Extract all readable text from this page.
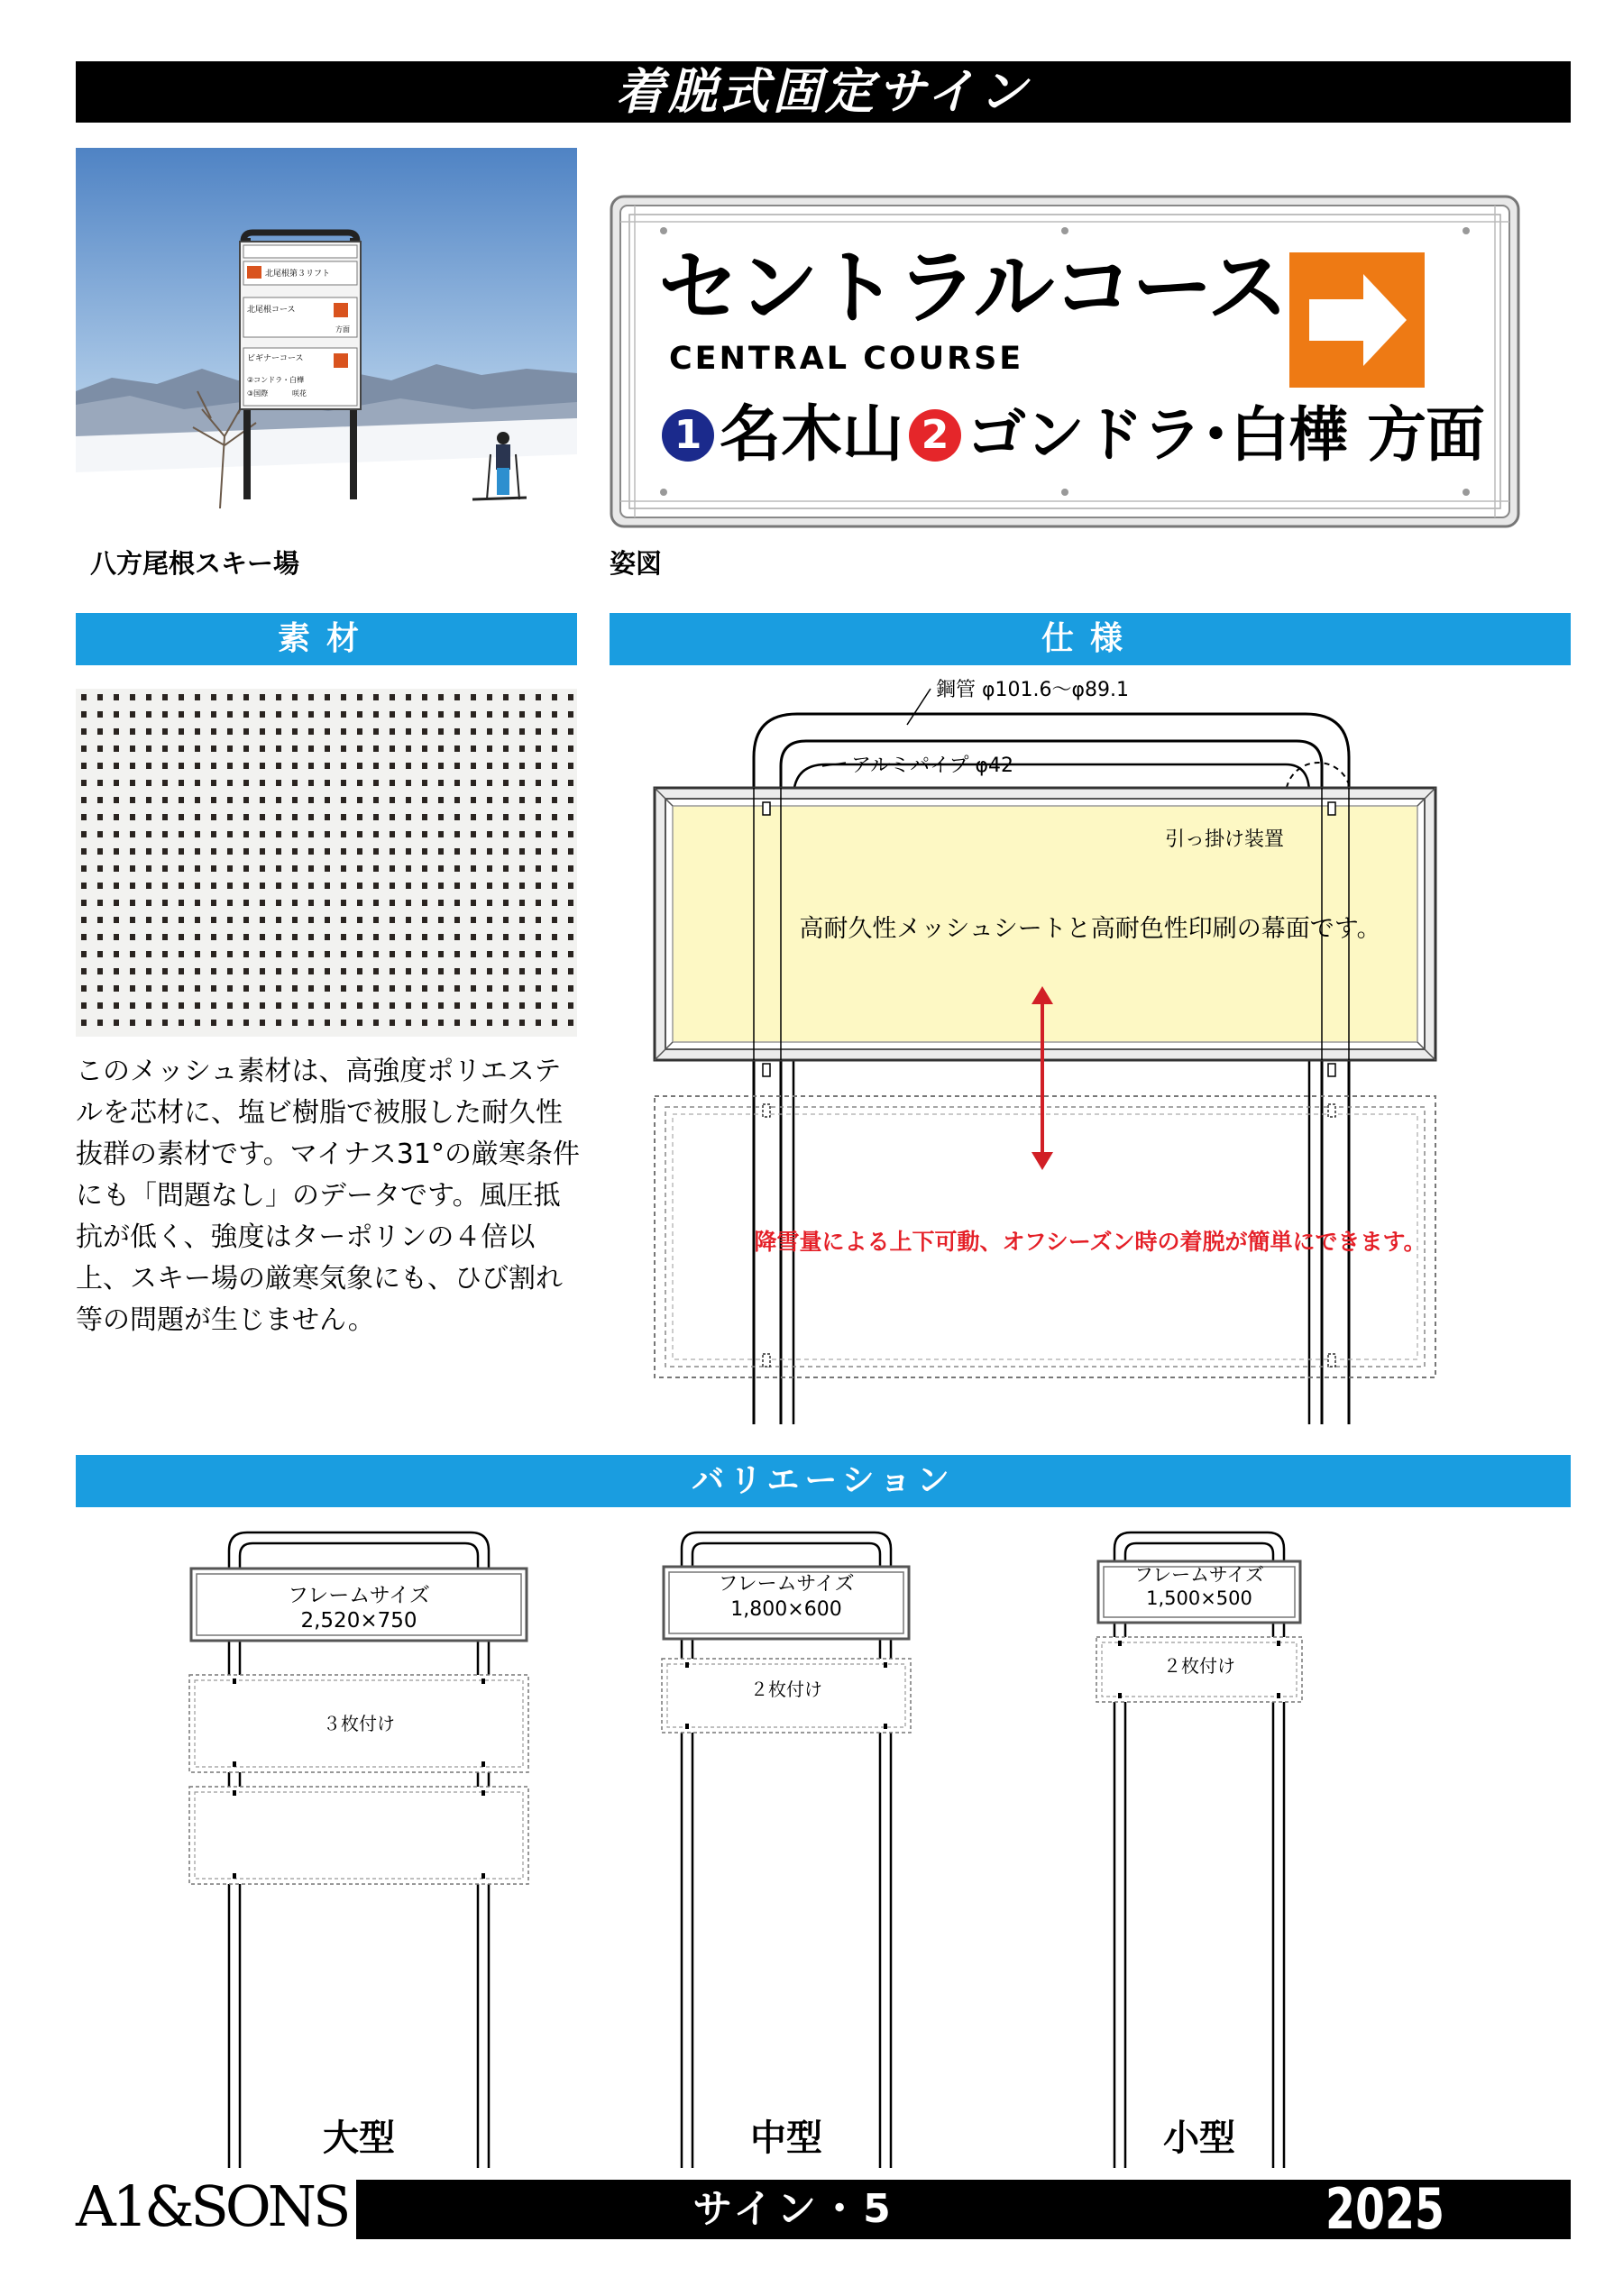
着脱式固定サイン
北尾根第３リフト
北尾根コース
方面
ビギナーコース
②コンドラ・白樺
③国際	咲花
八方尾根スキー場
セントラルコース
CENTRAL COURSE
1 名木山 2 ゴンドラ･白樺 方面
姿図
素材	仕様
このメッシュ素材は、高強度ポリエステルを芯材に、塩ビ樹脂で被服した耐久性抜群の素材です。マイナス31°の厳寒条件にも「問題なし」のデータです。風圧抵抗が低く、強度はターポリンの４倍以上、スキー場の厳寒気象にも、ひび割れ等の問題が生じません。
鋼管 φ101.6〜φ89.1
アルミパイプ φ42
引っ掛け装置
高耐久性メッシュシートと高耐色性印刷の幕面です。
降雪量による上下可動、オフシーズン時の着脱が簡単にできます。
バリエーション
フレームサイズ
2,520×750
３枚付け
大型
フレームサイズ
1,800×600
２枚付け
中型
フレームサイズ
1,500×500
２枚付け
小型
A1&SONS	サイン・5	2025
